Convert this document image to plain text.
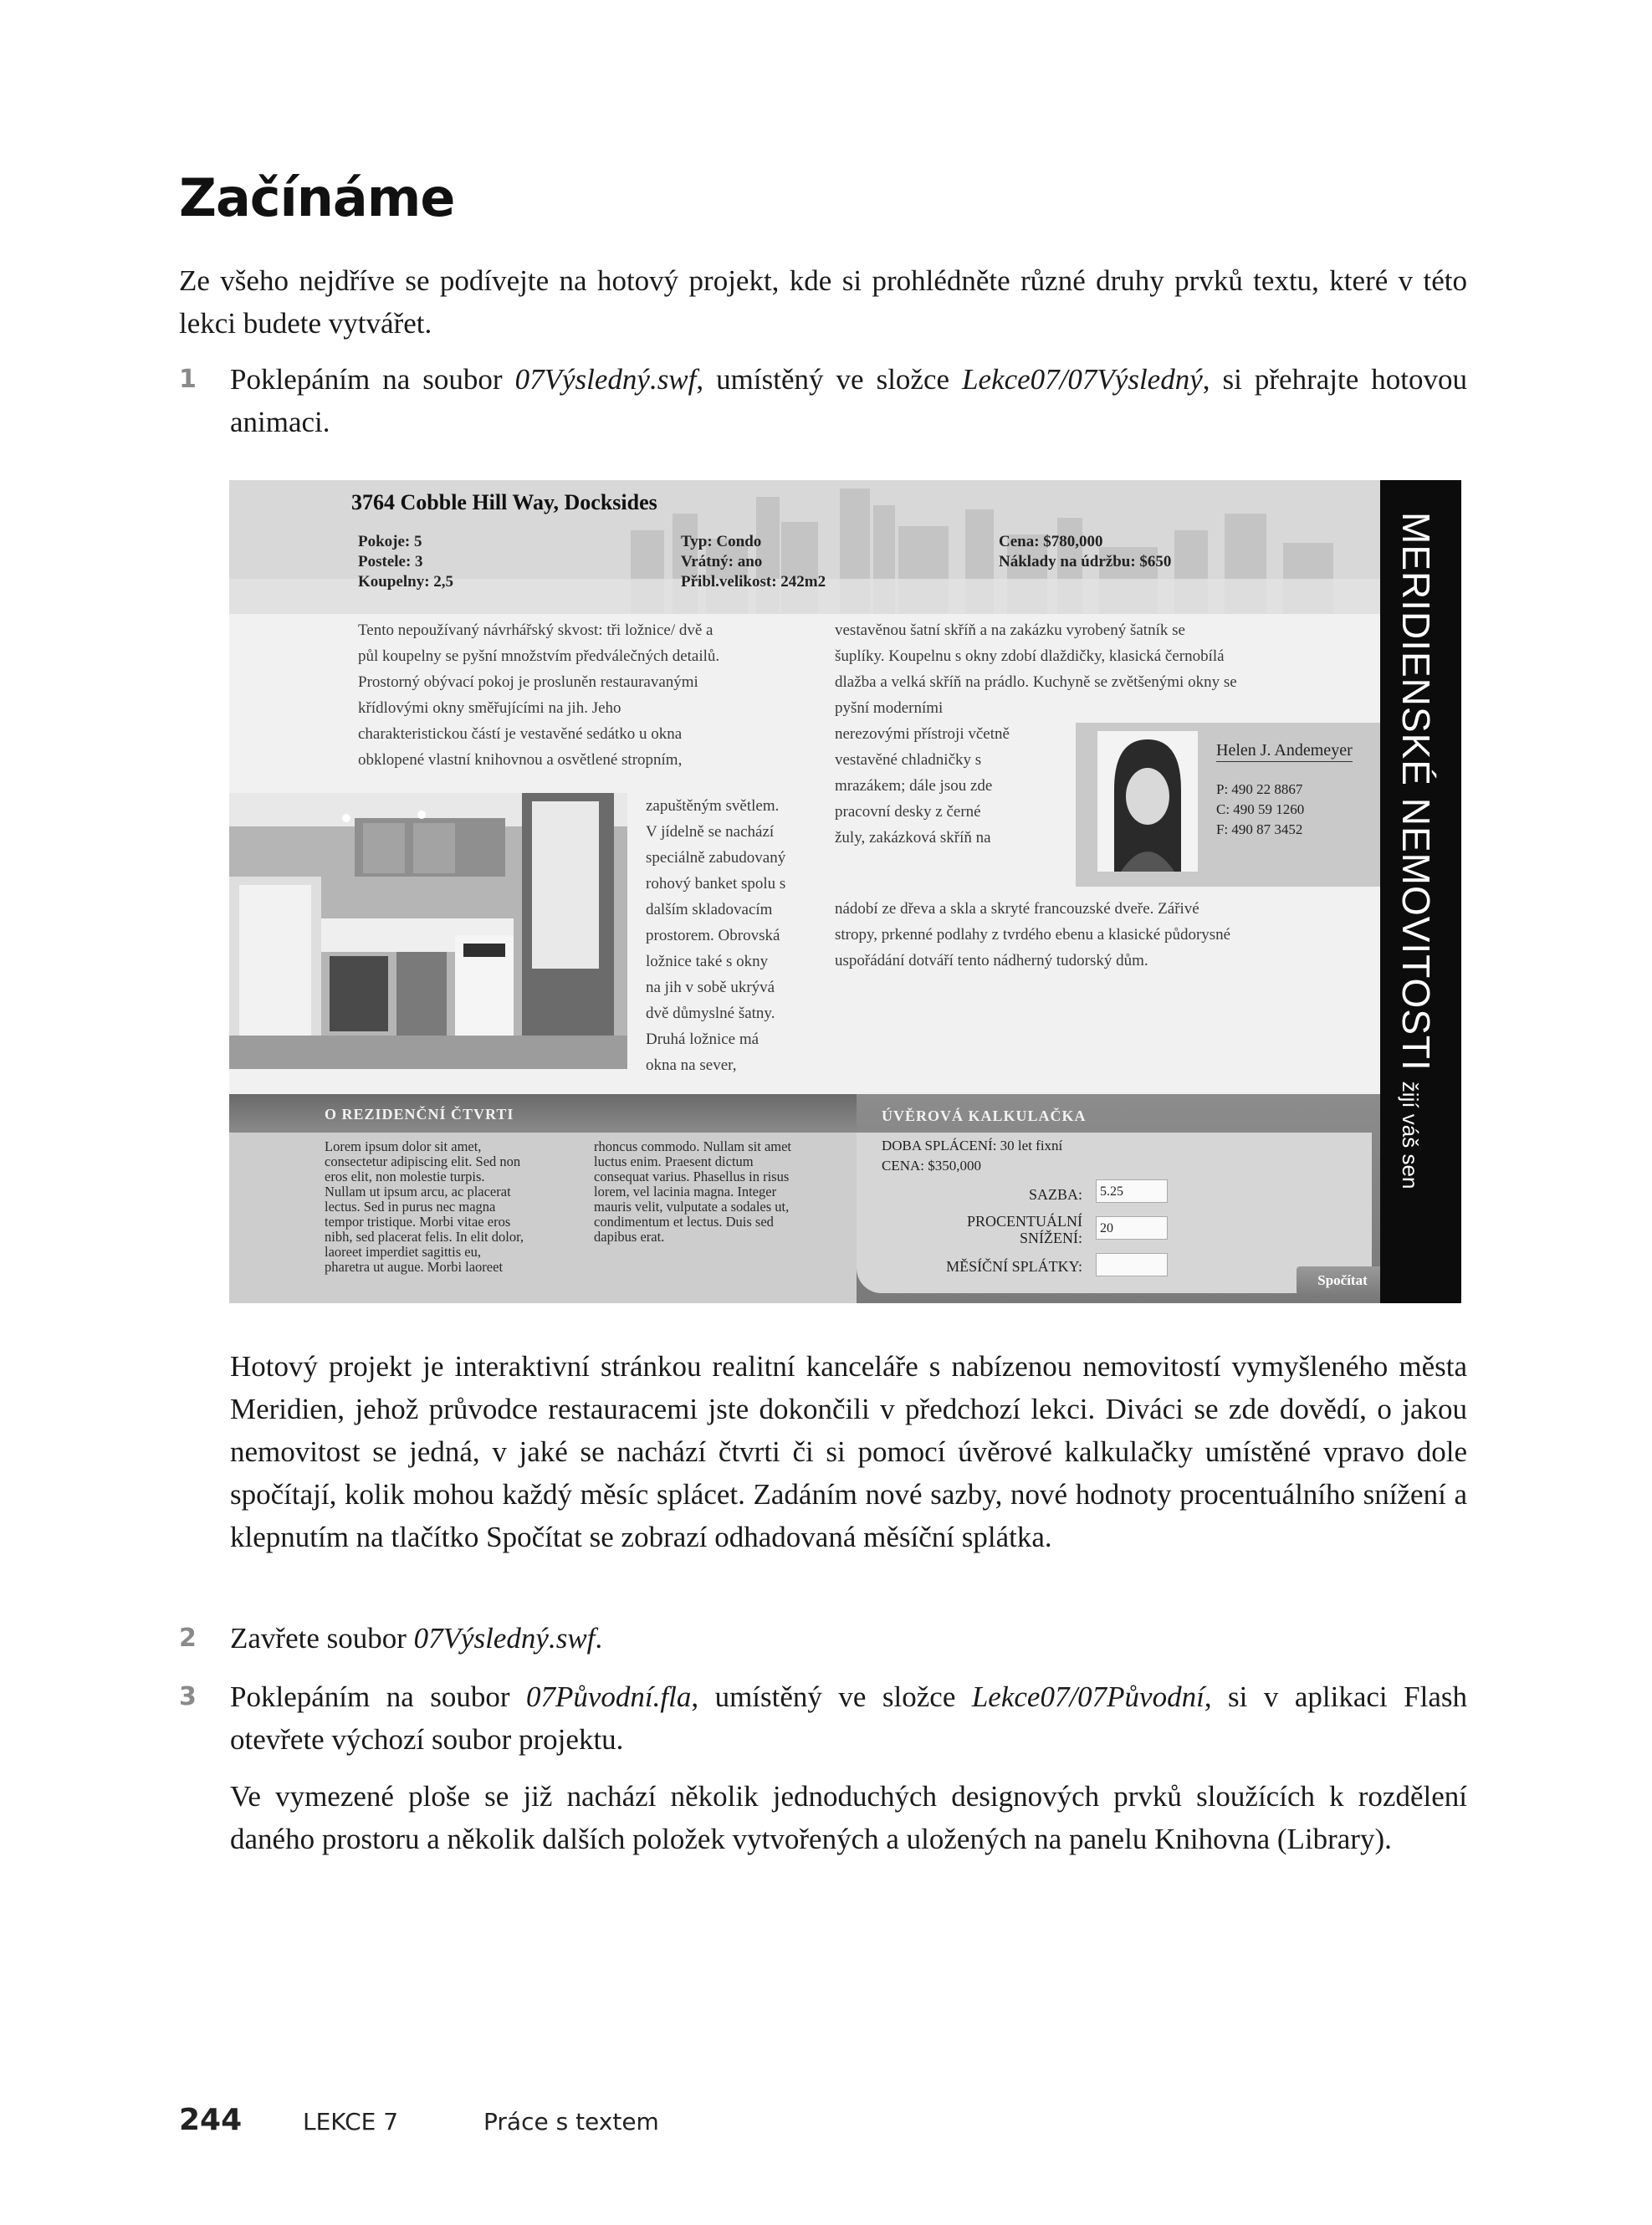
Začínáme

Ze všeho nejdříve se podívejte na hotový projekt, kde si prohlédněte různé druhy prvků textu, které v této lekci budete vytvářet.

1 Poklepáním na soubor 07Výsledný.swf, umístěný ve složce Lekce07/07Výsledný, si přehrajte hotovou animaci.
3764 Cobble Hill Way, Docksides
Pokoje: 5
Postele: 3
Koupelny: 2,5
Typ: Condo
Vrátný: ano
Přibl.velikost: 242m2
Cena: $780,000
Náklady na údržbu: $650

Tento nepoužívaný návrhářský skvost: tři ložnice/ dvě a

půl koupelny se pyšní množstvím předválečných detailů.

Prostorný obývací pokoj je prosluněn restauravanými

křídlovými okny směřujícími na jih. Jeho

charakteristickou částí je vestavěné sedátko u okna

obklopené vlastní knihovnou a osvětlené stropním,

zapuštěným světlem.

V jídelně se nachází

speciálně zabudovaný

rohový banket spolu s

dalším skladovacím

prostorem. Obrovská

ložnice také s okny

na jih v sobě ukrývá

dvě důmyslné šatny.

Druhá ložnice má

okna na sever,

vestavěnou šatní skříň a na zakázku vyrobený šatník se

šuplíky. Koupelnu s okny zdobí dlaždičky, klasická černobílá

dlažba a velká skříň na prádlo. Kuchyně se zvětšenými okny se

pyšní moderními

nerezovými přístroji včetně

vestavěné chladničky s

mrazákem; dále jsou zde

pracovní desky z černé

žuly, zakázková skříň na

Helen J. Andemeyer
P: 490 22 8867
C: 490 59 1260
F: 490 87 3452

nádobí ze dřeva a skla a skryté francouzské dveře. Zářivé

stropy, prkenné podlahy z tvrdého ebenu a klasické půdorysné

uspořádání dotváří tento nádherný tudorský dům.

O REZIDENČNÍ ČTVRTI
Lorem ipsum dolor sit amet,
consectetur adipiscing elit. Sed non
eros elit, non molestie turpis.
Nullam ut ipsum arcu, ac placerat
lectus. Sed in purus nec magna
tempor tristique. Morbi vitae eros
nibh, sed placerat felis. In elit dolor,
laoreet imperdiet sagittis eu,
pharetra ut augue. Morbi laoreet
rhoncus commodo. Nullam sit amet
luctus enim. Praesent dictum
consequat varius. Phasellus in risus
lorem, vel lacinia magna. Integer
mauris velit, vulputate a sodales ut,
condimentum et lectus. Duis sed
dapibus erat.
ÚVĚROVÁ KALKULAČKA
DOBA SPLÁCENÍ: 30 let fixní
CENA: $350,000
SAZBA:	5.25
PROCENTUÁLNÍ
SNÍŽENÍ:
20
MĚSÍČNÍ SPLÁTKY:
Spočítat
MERIDIENSKÉ NEMOVITOSTIžijí váš sen

Hotový projekt je interaktivní stránkou realitní kanceláře s nabízenou nemovitostí vymyšleného města Meridien, jehož průvodce restauracemi jste dokončili v předchozí lekci. Diváci se zde dovědí, o jakou nemovitost se jedná, v jaké se nachází čtvrti či si pomocí úvěrové kalkulačky umístěné vpravo dole spočítají, kolik mohou každý měsíc splácet. Zadáním nové sazby, nové hodnoty procentuálního snížení a klepnutím na tlačítko Spočítat se zobrazí odhadovaná měsíční splátka.

2 Zavřete soubor 07Výsledný.swf.
3 Poklepáním na soubor 07Původní.fla, umístěný ve složce Lekce07/07Původní, si v aplikaci Flash otevřete výchozí soubor projektu.

Ve vymezené ploše se již nachází několik jednoduchých designových prvků sloužících k rozdělení daného prostoru a několik dalších položek vytvořených a uložených na panelu Knihovna (Library).

244	LEKCE 7	Práce s textem
